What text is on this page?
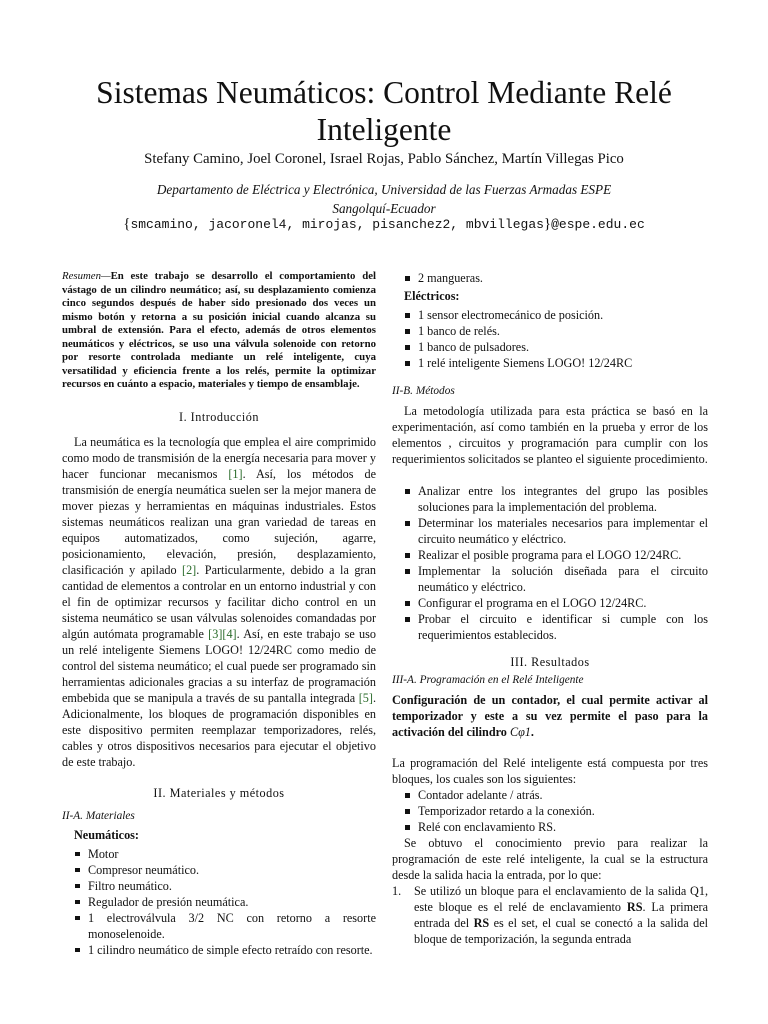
Sistemas Neumáticos: Control Mediante Relé Inteligente
Stefany Camino, Joel Coronel, Israel Rojas, Pablo Sánchez, Martín Villegas Pico
Departamento de Eléctrica y Electrónica, Universidad de las Fuerzas Armadas ESPE
Sangolquí-Ecuador
{smcamino, jacoronel4, mirojas, pisanchez2, mbvillegas}@espe.edu.ec

Resumen—En este trabajo se desarrollo el comportamiento del vástago de un cilindro neumático; así, su desplazamiento comienza cinco segundos después de haber sido presionado dos veces un mismo botón y retorna a su posición inicial cuando alcanza su umbral de extensión. Para el efecto, además de otros elementos neumáticos y eléctricos, se uso una válvula solenoide con retorno por resorte controlada mediante un relé inteligente, cuya versatilidad y eficiencia frente a los relés, permite la optimizar recursos en cuánto a espacio, materiales y tiempo de ensamblaje.

I. Introducción

La neumática es la tecnología que emplea el aire comprimido como modo de transmisión de la energía necesaria para mover y hacer funcionar mecanismos [1]. Así, los métodos de transmisión de energía neumática suelen ser la mejor manera de mover piezas y herramientas en máquinas industriales. Estos sistemas neumáticos realizan una gran variedad de tareas en equipos automatizados, como sujeción, agarre, posicionamiento, elevación, presión, desplazamiento, clasificación y apilado [2]. Particularmente, debido a la gran cantidad de elementos a controlar en un entorno industrial y con el fin de optimizar recursos y facilitar dicho control en un sistema neumático se usan válvulas solenoides comandadas por algún autómata programable [3][4]. Así, en este trabajo se uso un relé inteligente Siemens LOGO! 12/24RC como medio de control del sistema neumático; el cual puede ser programado sin herramientas adicionales gracias a su interfaz de programación embebida que se manipula a través de su pantalla integrada [5]. Adicionalmente, los bloques de programación disponibles en este dispositivo permiten reemplazar temporizadores, relés, cables y otros dispositivos necesarios para ejecutar el objetivo de este trabajo.

II. Materiales y métodos
II-A. Materiales
Neumáticos:
Motor
Compresor neumático.
Filtro neumático.
Regulador de presión neumática.
1 electroválvula 3/2 NC con retorno a resorte monoselenoide.
1 cilindro neumático de simple efecto retraído con resorte.
2 mangueras.
Eléctricos:
1 sensor electromecánico de posición.
1 banco de relés.
1 banco de pulsadores.
1 relé inteligente Siemens LOGO! 12/24RC
II-B. Métodos

La metodología utilizada para esta práctica se basó en la experimentación, así como también en la prueba y error de los elementos , circuitos y programación para cumplir con los requerimientos solicitados se planteo el siguiente procedimiento.

Analizar entre los integrantes del grupo las posibles soluciones para la implementación del problema.
Determinar los materiales necesarios para implementar el circuito neumático y eléctrico.
Realizar el posible programa para el LOGO 12/24RC.
Implementar la solución diseñada para el circuito neumático y eléctrico.
Configurar el programa en el LOGO 12/24RC.
Probar el circuito e identificar si cumple con los requerimientos establecidos.
III. Resultados
III-A. Programación en el Relé Inteligente

Configuración de un contador, el cual permite activar al temporizador y este a su vez permite el paso para la activación del cilindro Cφ1.

La programación del Relé inteligente está compuesta por tres bloques, los cuales son los siguientes:

Contador adelante / atrás.
Temporizador retardo a la conexión.
Relé con enclavamiento RS.

Se obtuvo el conocimiento previo para realizar la programación de este relé inteligente, la cual se la estructura desde la salida hacia la entrada, por lo que:

1. Se utilizó un bloque para el enclavamiento de la salida Q1, este bloque es el relé de enclavamiento RS. La primera entrada del RS es el set, el cual se conectó a la salida del bloque de temporización, la segunda entrada
